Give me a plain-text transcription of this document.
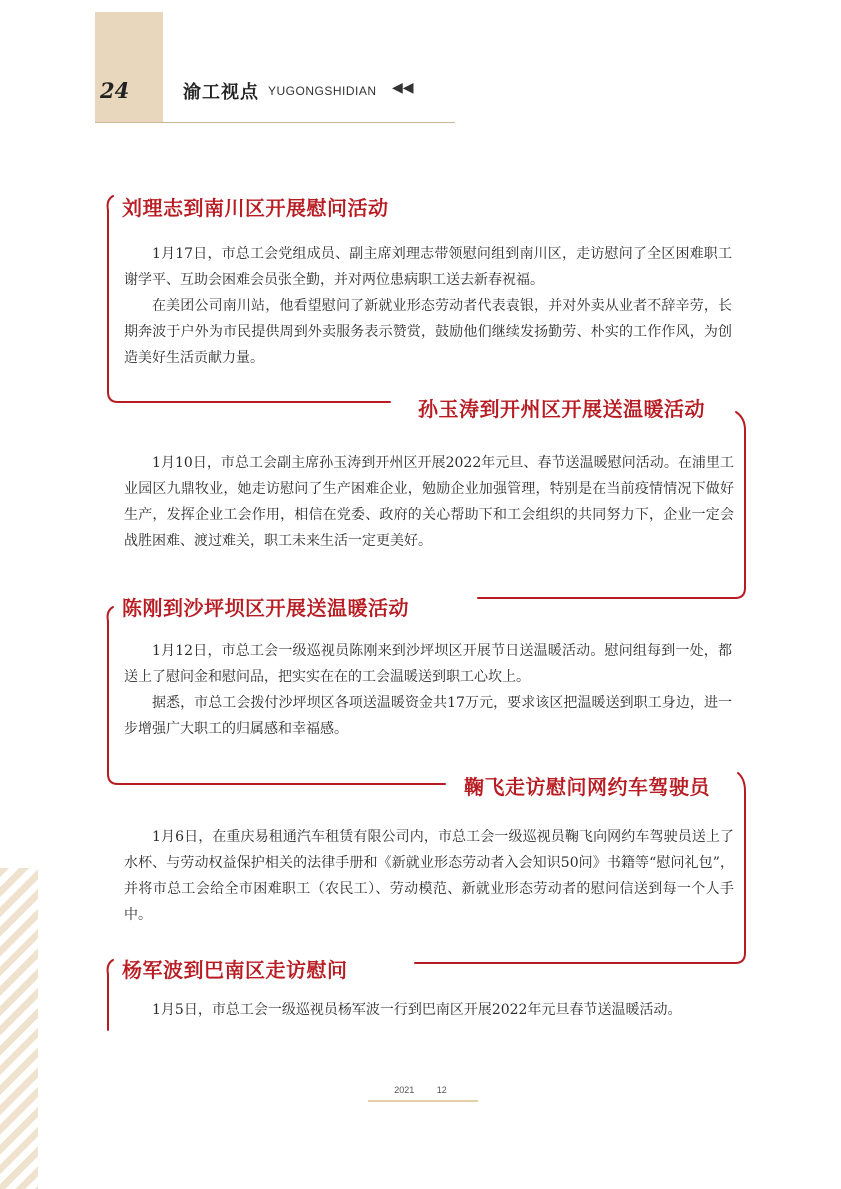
24	渝工视点 YUGONGSHIDIAN ◀◀
刘理志到南川区开展慰问活动

1月17日，市总工会党组成员、副主席刘理志带领慰问组到南川区，走访慰问了全区困难职工谢学平、互助会困难会员张全勤，并对两位患病职工送去新春祝福。

在美团公司南川站，他看望慰问了新就业形态劳动者代表袁银，并对外卖从业者不辞辛劳，长期奔波于户外为市民提供周到外卖服务表示赞赏，鼓励他们继续发扬勤劳、朴实的工作作风，为创造美好生活贡献力量。

孙玉涛到开州区开展送温暖活动

1月10日，市总工会副主席孙玉涛到开州区开展2022年元旦、春节送温暖慰问活动。在浦里工业园区九鼎牧业，她走访慰问了生产困难企业，勉励企业加强管理，特别是在当前疫情情况下做好生产，发挥企业工会作用，相信在党委、政府的关心帮助下和工会组织的共同努力下，企业一定会战胜困难、渡过难关，职工未来生活一定更美好。

陈刚到沙坪坝区开展送温暖活动

1月12日，市总工会一级巡视员陈刚来到沙坪坝区开展节日送温暖活动。慰问组每到一处，都送上了慰问金和慰问品，把实实在在的工会温暖送到职工心坎上。

据悉，市总工会拨付沙坪坝区各项送温暖资金共17万元，要求该区把温暖送到职工身边，进一步增强广大职工的归属感和幸福感。

鞠飞走访慰问网约车驾驶员

1月6日，在重庆易租通汽车租赁有限公司内，市总工会一级巡视员鞠飞向网约车驾驶员送上了水杯、与劳动权益保护相关的法律手册和《新就业形态劳动者入会知识50问》书籍等“慰问礼包”，并将市总工会给全市困难职工（农民工）、劳动模范、新就业形态劳动者的慰问信送到每一个人手中。

杨军波到巴南区走访慰问

1月5日，市总工会一级巡视员杨军波一行到巴南区开展2022年元旦春节送温暖活动。

2021	12
